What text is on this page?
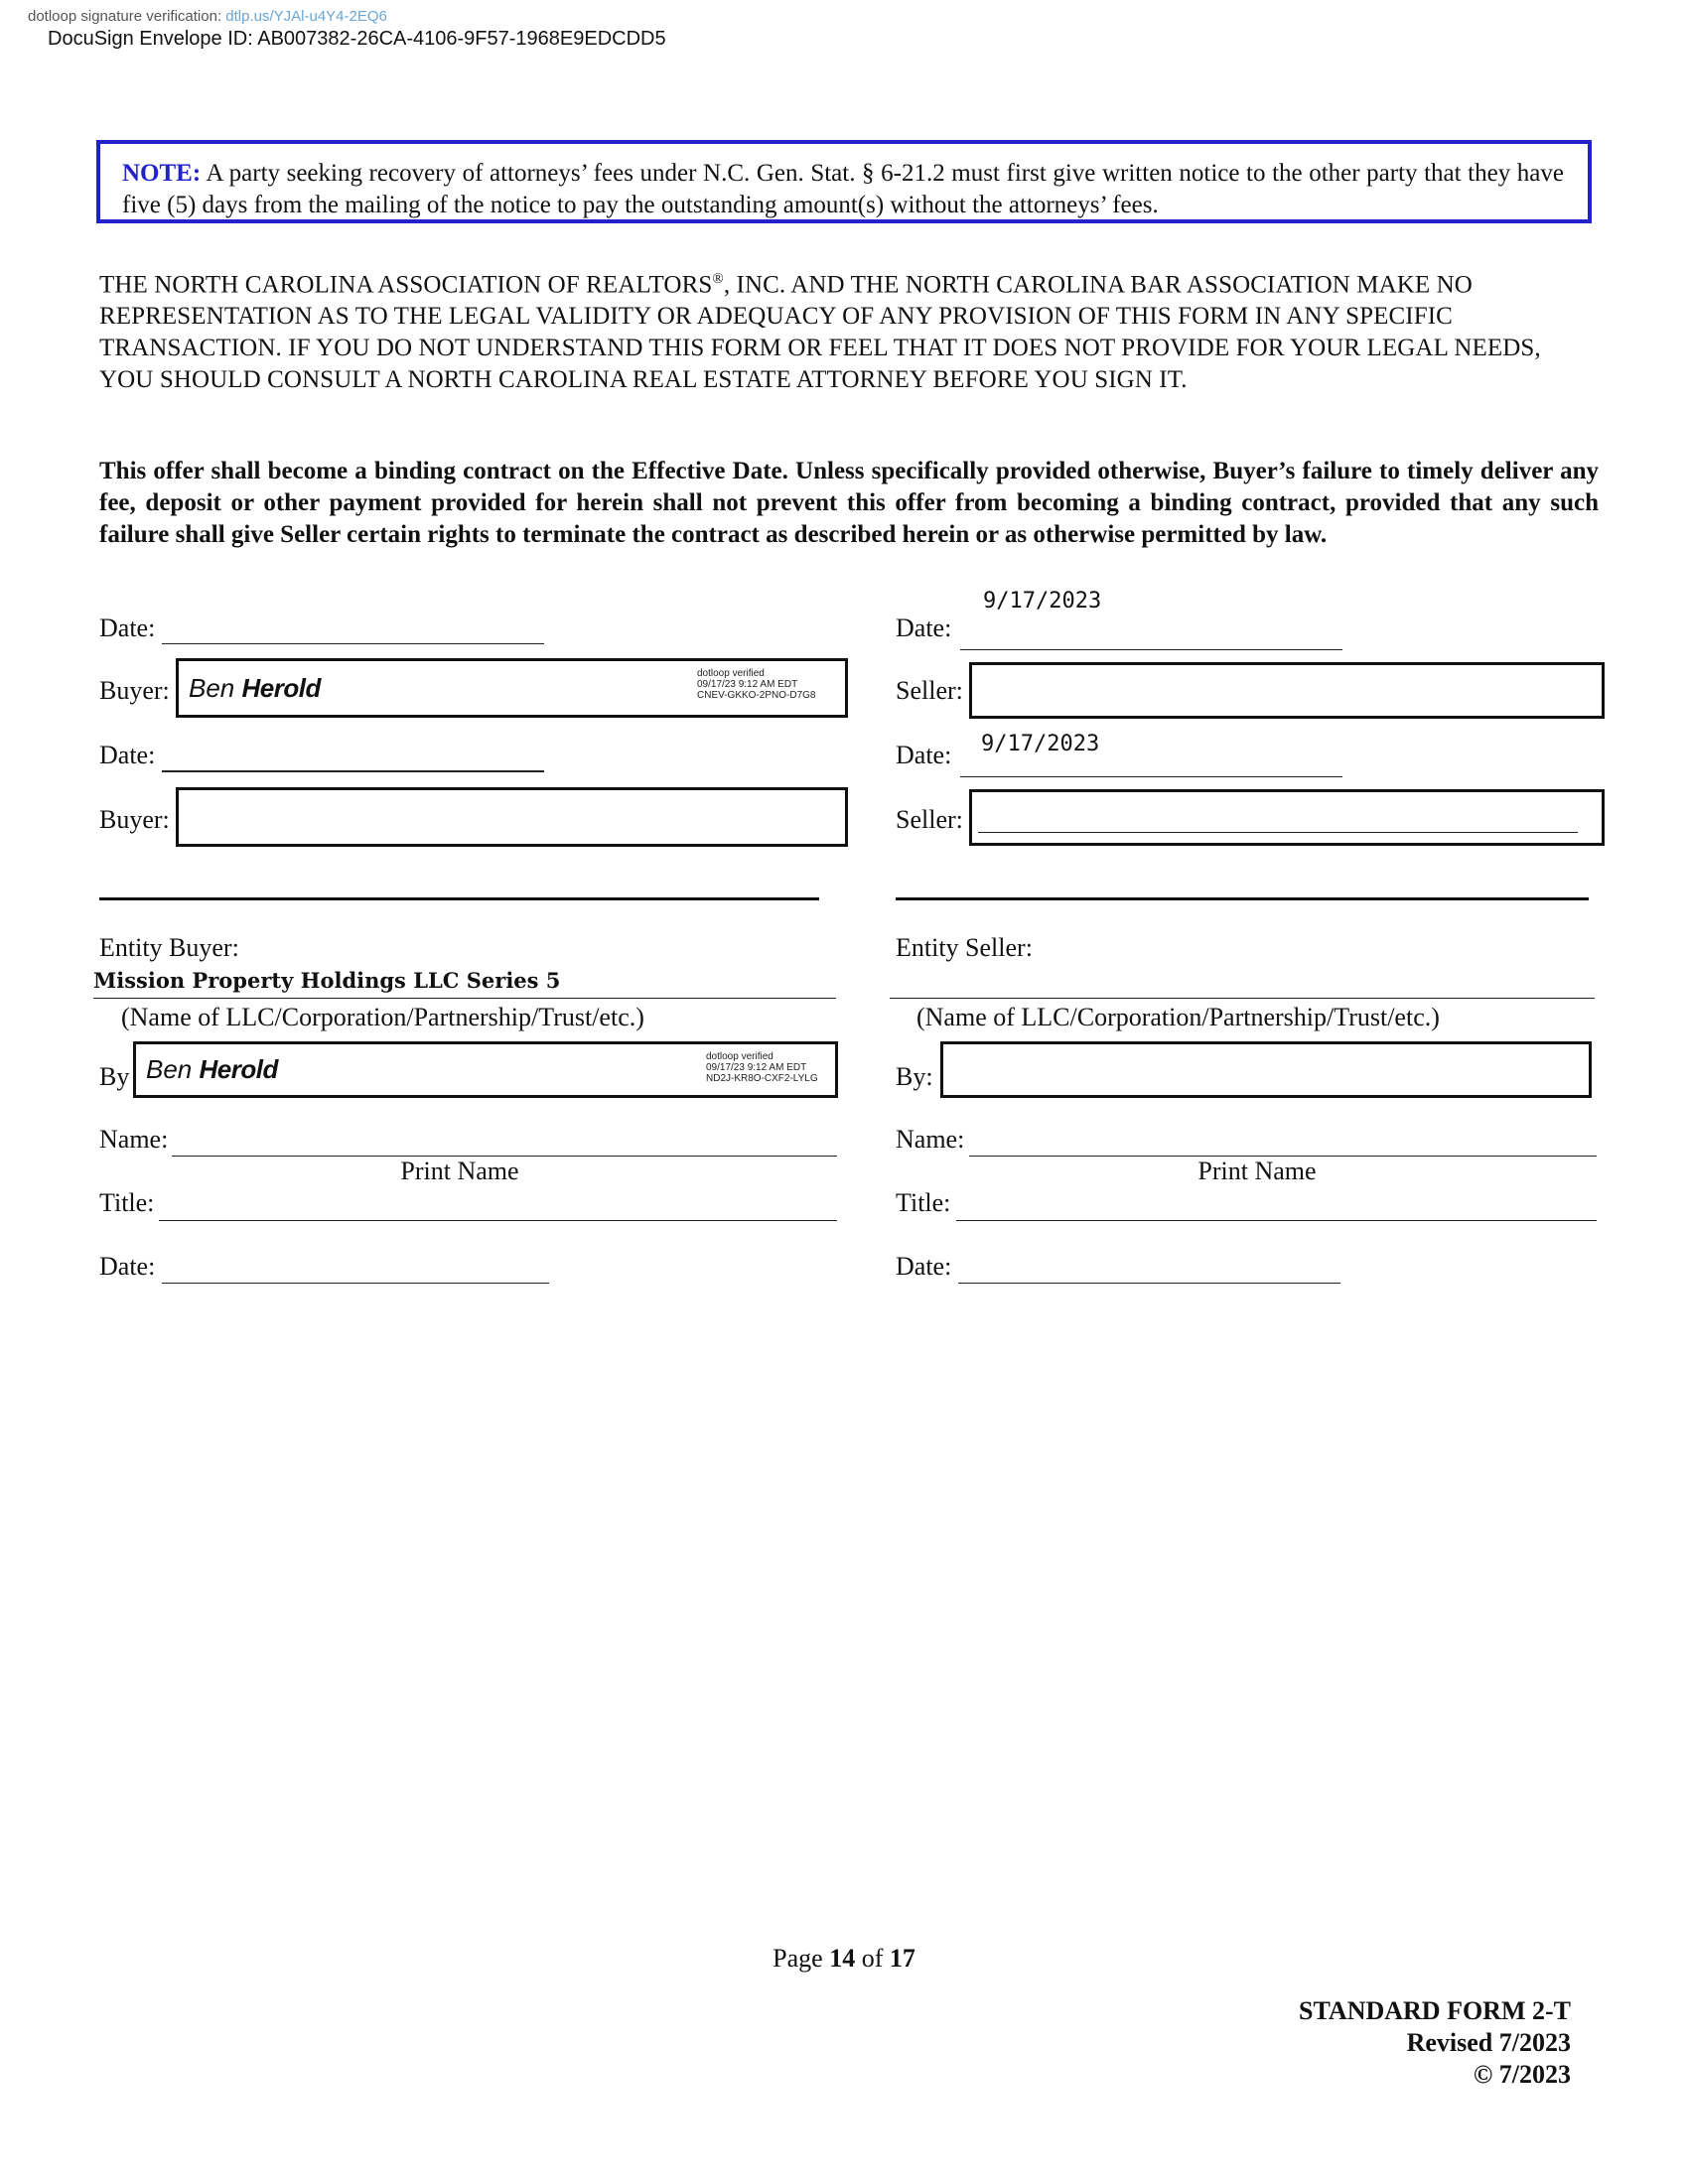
dotloop signature verification: dtlp.us/YJAl-u4Y4-2EQ6
DocuSign Envelope ID: AB007382-26CA-4106-9F57-1968E9EDCDD5
NOTE: A party seeking recovery of attorneys’ fees under N.C. Gen. Stat. § 6-21.2 must first give written notice to the other party that they have five (5) days from the mailing of the notice to pay the outstanding amount(s) without the attorneys’ fees.
THE NORTH CAROLINA ASSOCIATION OF REALTORS®, INC. AND THE NORTH CAROLINA BAR ASSOCIATION MAKE NO REPRESENTATION AS TO THE LEGAL VALIDITY OR ADEQUACY OF ANY PROVISION OF THIS FORM IN ANY SPECIFIC TRANSACTION. IF YOU DO NOT UNDERSTAND THIS FORM OR FEEL THAT IT DOES NOT PROVIDE FOR YOUR LEGAL NEEDS, YOU SHOULD CONSULT A NORTH CAROLINA REAL ESTATE ATTORNEY BEFORE YOU SIGN IT.
This offer shall become a binding contract on the Effective Date. Unless specifically provided otherwise, Buyer’s failure to timely deliver any fee, deposit or other payment provided for herein shall not prevent this offer from becoming a binding contract, provided that any such failure shall give Seller certain rights to terminate the contract as described herein or as otherwise permitted by law.
Date:
Buyer: Ben Herold	dotloop verified
09/17/23 9:12 AM EDT
CNEV-GKKO-2PNO-D7G8
Date:
Buyer:
9/17/2023
Date:
Seller:
9/17/2023
Date:
Seller:
Entity Buyer:
Mission Property Holdings LLC Series 5
(Name of LLC/Corporation/Partnership/Trust/etc.)
By Ben Herold	dotloop verified
09/17/23 9:12 AM EDT
ND2J-KR8O-CXF2-LYLG
Name:
Print Name
Title:
Date:
Entity Seller:
(Name of LLC/Corporation/Partnership/Trust/etc.)
By:
Name:
Print Name
Title:
Date:
Page 14 of 17
STANDARD FORM 2-T
Revised 7/2023
© 7/2023
